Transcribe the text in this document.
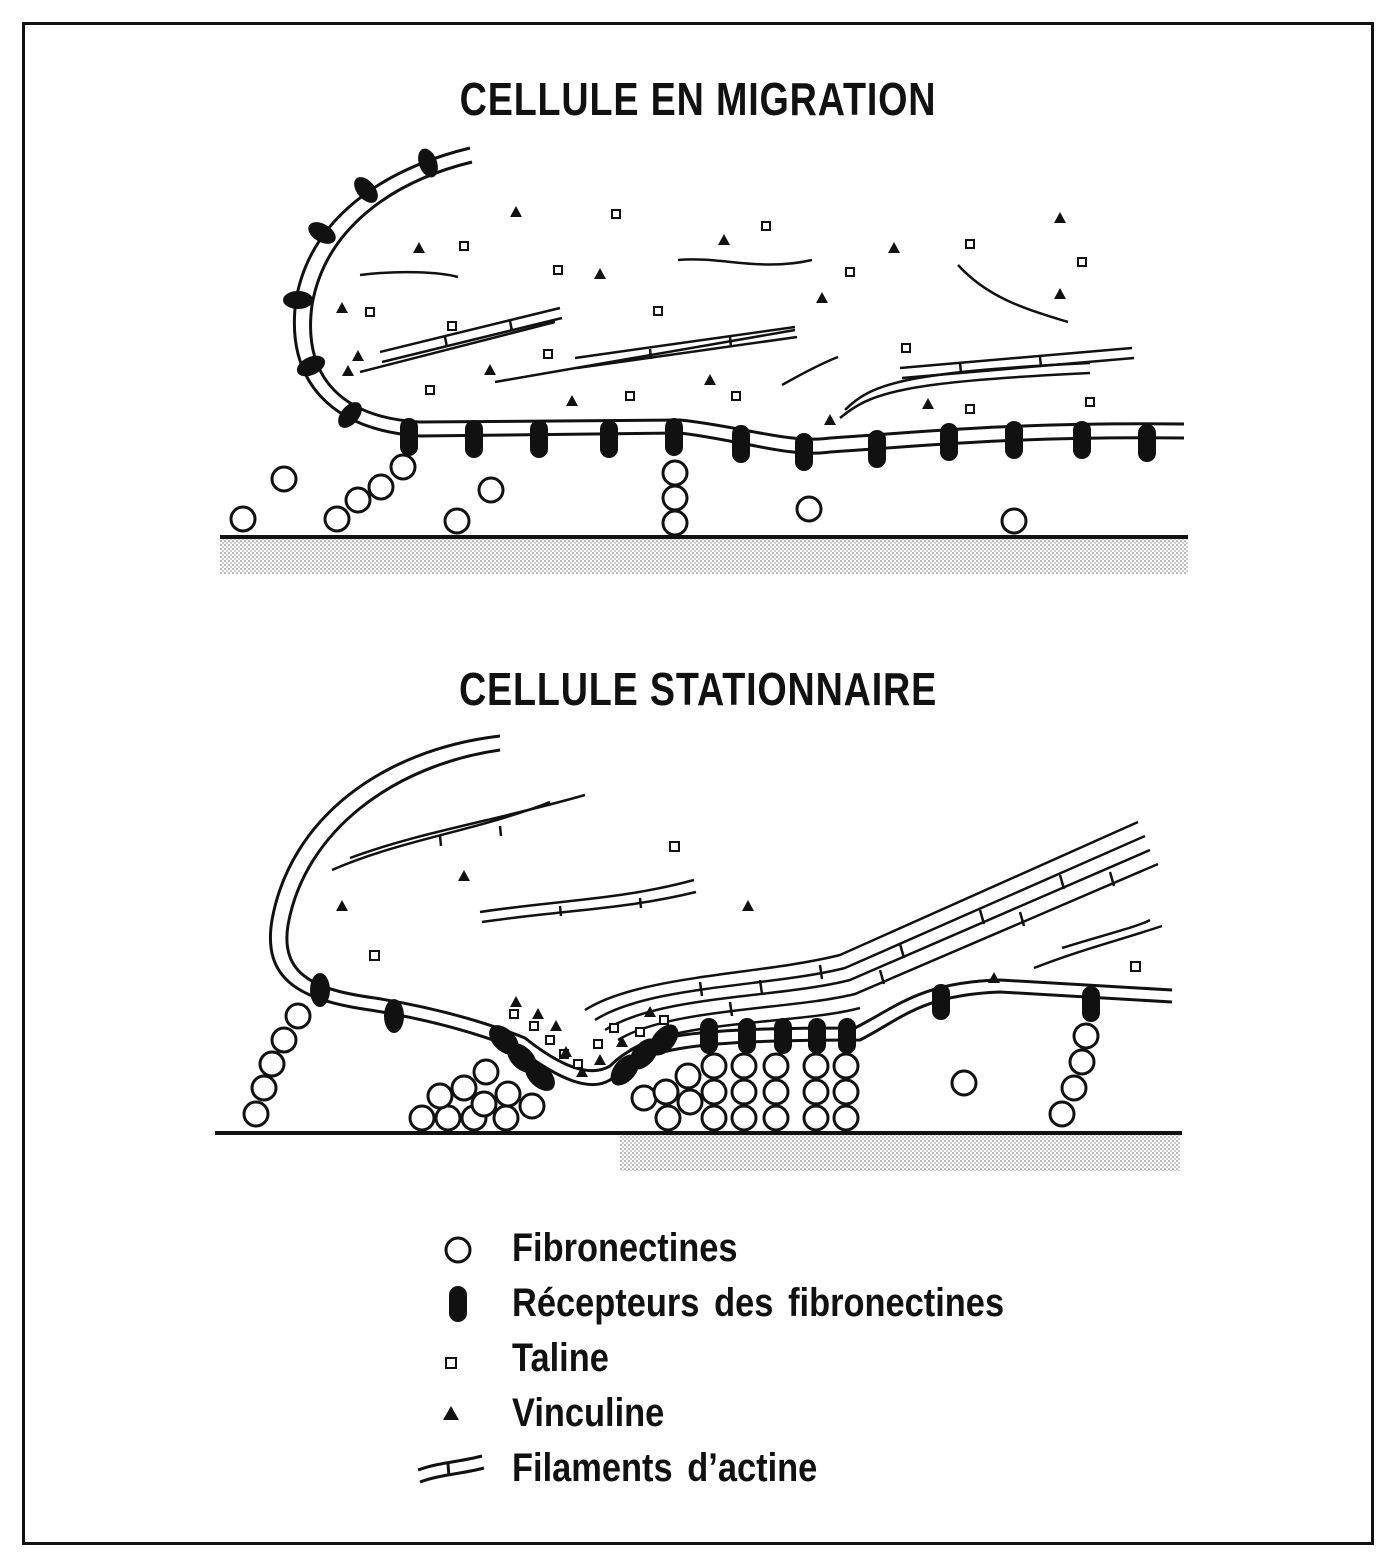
CELLULE EN MIGRATION
CELLULE STATIONNAIRE
Fibronectines
Récepteurs des fibronectines
Taline
Vinculine
Filaments d’actine
